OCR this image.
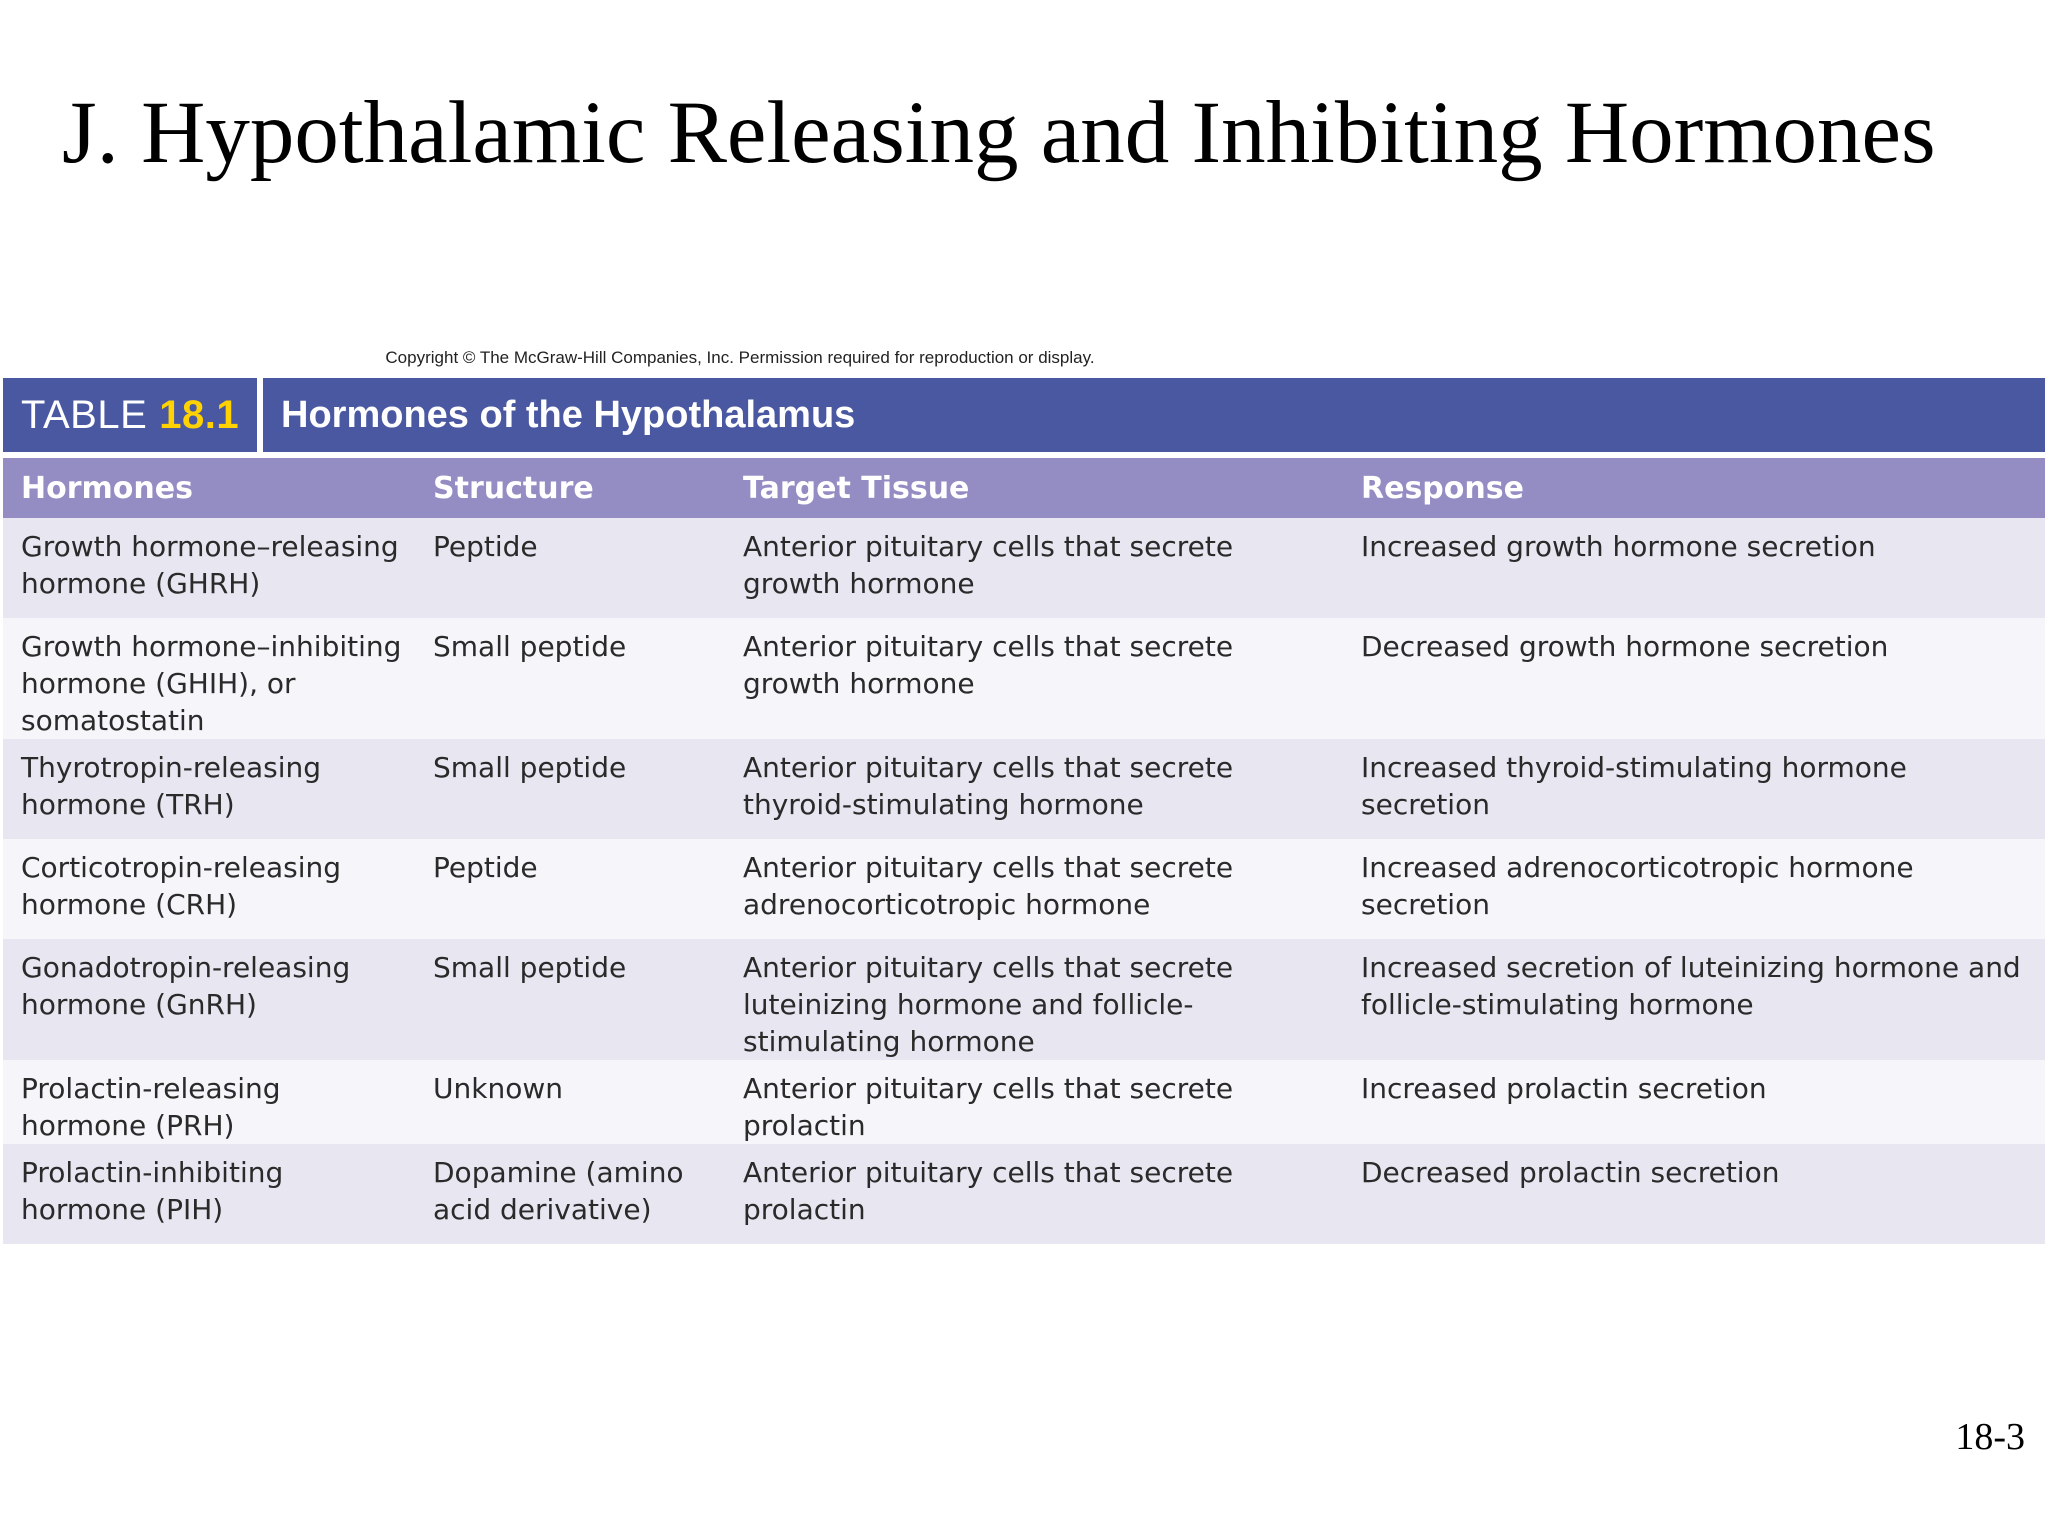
J. Hypothalamic Releasing and Inhibiting Hormones
Copyright © The McGraw-Hill Companies, Inc. Permission required for reproduction or display.
TABLE 18.1	Hormones of the Hypothalamus
Hormones	Structure	Target Tissue	Response
Growth hormone–releasing hormone (GHRH)	Peptide	Anterior pituitary cells that secrete growth hormone	Increased growth hormone secretion
Growth hormone–inhibiting hormone (GHIH), or somatostatin	Small peptide	Anterior pituitary cells that secrete growth hormone	Decreased growth hormone secretion
Thyrotropin-releasing hormone (TRH)	Small peptide	Anterior pituitary cells that secrete thyroid-stimulating hormone	Increased thyroid-stimulating hormone secretion
Corticotropin-releasing hormone (CRH)	Peptide	Anterior pituitary cells that secrete adrenocorticotropic hormone	Increased adrenocorticotropic hormone secretion
Gonadotropin-releasing hormone (GnRH)	Small peptide	Anterior pituitary cells that secrete luteinizing hormone and follicle-stimulating hormone	Increased secretion of luteinizing hormone and follicle-stimulating hormone
Prolactin-releasing hormone (PRH)	Unknown	Anterior pituitary cells that secrete prolactin	Increased prolactin secretion
Prolactin-inhibiting hormone (PIH)	Dopamine (amino acid derivative)	Anterior pituitary cells that secrete prolactin	Decreased prolactin secretion
18-3
